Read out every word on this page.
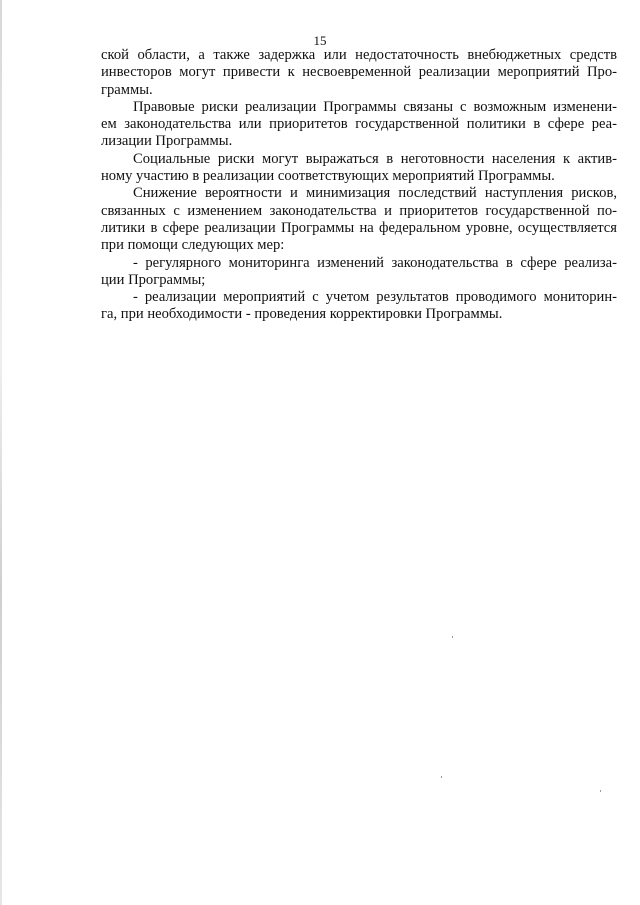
15
ской области, а также задержка или недостаточность внебюджетных средств
инвесторов могут привести к несвоевременной реализации мероприятий Про-
граммы.
Правовые риски реализации Программы связаны с возможным изменени-
ем законодательства или приоритетов государственной политики в сфере реа-
лизации Программы.
Социальные риски могут выражаться в неготовности населения к актив-
ному участию в реализации соответствующих мероприятий Программы.
Снижение вероятности и минимизация последствий наступления рисков,
связанных с изменением законодательства и приоритетов государственной по-
литики в сфере реализации Программы на федеральном уровне, осуществляется
при помощи следующих мер:
- регулярного мониторинга изменений законодательства в сфере реализа-
ции Программы;
- реализации мероприятий с учетом результатов проводимого мониторин-
га, при необходимости - проведения корректировки Программы.
